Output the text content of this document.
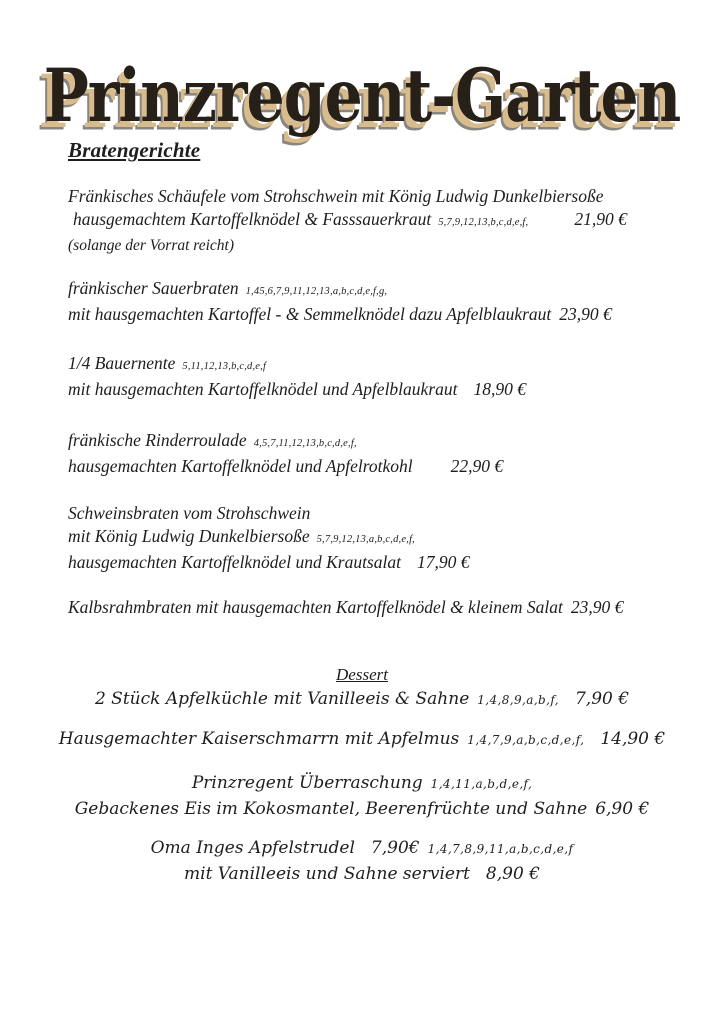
Prinzregent-Garten
Bratengerichte
Fränkisches Schäufele vom Strohschwein mit König Ludwig Dunkelbiersoße
hausgemachtem Kartoffelknödel & Fasssauerkraut 5,7,9,12,13,b,c,d,e,f,	21,90 €
(solange der Vorrat reicht)
fränkischer Sauerbraten 1,45,6,7,9,11,12,13,a,b,c,d,e,f,g,
mit hausgemachten Kartoffel - & Semmelknödel dazu Apfelblaukraut 23,90 €
1/4 Bauernente 5,11,12,13,b,c,d,e,f
mit hausgemachten Kartoffelknödel und Apfelblaukraut 18,90 €
fränkische Rinderroulade 4,5,7,11,12,13,b,c,d,e,f,
hausgemachten Kartoffelknödel und Apfelrotkohl 22,90 €
Schweinsbraten vom Strohschwein
mit König Ludwig Dunkelbiersoße 5,7,9,12,13,a,b,c,d,e,f,
hausgemachten Kartoffelknödel und Krautsalat 17,90 €
Kalbsrahmbraten mit hausgemachten Kartoffelknödel & kleinem Salat 23,90 €
Dessert
2 Stück Apfelküchle mit Vanilleeis & Sahne 1,4,8,9,a,b,f, 7,90 €
Hausgemachter Kaiserschmarrn mit Apfelmus 1,4,7,9,a,b,c,d,e,f, 14,90 €
Prinzregent Überraschung 1,4,11,a,b,d,e,f,
Gebackenes Eis im Kokosmantel, Beerenfrüchte und Sahne 6,90 €
Oma Inges Apfelstrudel 7,90€ 1,4,7,8,9,11,a,b,c,d,e,f
mit Vanilleeis und Sahne serviert 8,90 €
